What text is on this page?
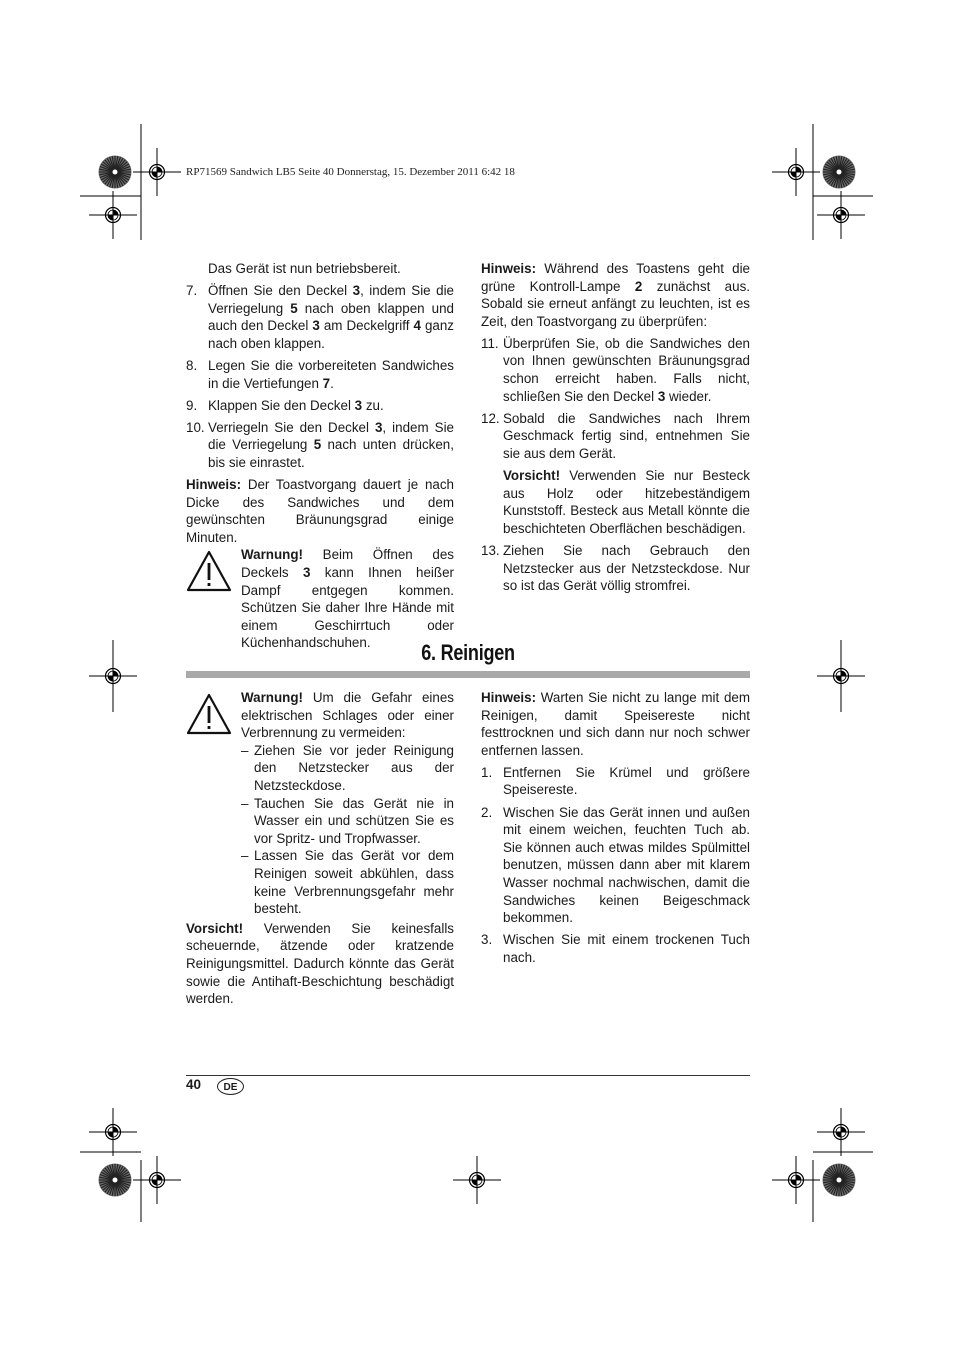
RP71569 Sandwich LB5 Seite 40 Donnerstag, 15. Dezember 2011 6:42 18

Das Gerät ist nun betriebsbereit.

7. Öffnen Sie den Deckel 3, indem Sie die Verriegelung 5 nach oben klappen und auch den Deckel 3 am Deckelgriff 4 ganz nach oben klappen.
8. Legen Sie die vorbereiteten Sandwiches in die Vertiefungen 7.
9. Klappen Sie den Deckel 3 zu.
10. Verriegeln Sie den Deckel 3, indem Sie die Verriegelung 5 nach unten drücken, bis sie einrastet.

Hinweis: Der Toastvorgang dauert je nach Dicke des Sandwiches und dem gewünschten Bräunungsgrad einige Minuten.

Warnung! Beim Öffnen des Deckels 3 kann Ihnen heißer Dampf entgegen kommen. Schützen Sie daher Ihre Hände mit einem Geschirrtuch oder Küchenhandschuhen.

Hinweis: Während des Toastens geht die grüne Kontroll-Lampe 2 zunächst aus. Sobald sie erneut anfängt zu leuchten, ist es Zeit, den Toastvorgang zu überprüfen:

11. Überprüfen Sie, ob die Sandwiches den von Ihnen gewünschten Bräunungsgrad schon erreicht haben. Falls nicht, schließen Sie den Deckel 3 wieder.
12. Sobald die Sandwiches nach Ihrem Geschmack fertig sind, entnehmen Sie sie aus dem Gerät.

Vorsicht! Verwenden Sie nur Besteck aus Holz oder hitzebeständigem Kunststoff. Besteck aus Metall könnte die beschichteten Oberflächen beschädigen.

13. Ziehen Sie nach Gebrauch den Netzstecker aus der Netzsteckdose. Nur so ist das Gerät völlig stromfrei.
6. Reinigen

Warnung! Um die Gefahr eines elektrischen Schlages oder einer Verbrennung zu vermeiden:

– Ziehen Sie vor jeder Reinigung den Netzstecker aus der Netzsteckdose.
– Tauchen Sie das Gerät nie in Wasser ein und schützen Sie es vor Spritz- und Tropfwasser.
– Lassen Sie das Gerät vor dem Reinigen soweit abkühlen, dass keine Verbrennungsgefahr mehr besteht.

Vorsicht! Verwenden Sie keinesfalls scheuernde, ätzende oder kratzende Reinigungsmittel. Dadurch könnte das Gerät sowie die Antihaft-Beschichtung beschädigt werden.

Hinweis: Warten Sie nicht zu lange mit dem Reinigen, damit Speisereste nicht festtrocknen und sich dann nur noch schwer entfernen lassen.

1. Entfernen Sie Krümel und größere Speisereste.
2. Wischen Sie das Gerät innen und außen mit einem weichen, feuchten Tuch ab. Sie können auch etwas mildes Spülmittel benutzen, müssen dann aber mit klarem Wasser nochmal nachwischen, damit die Sandwiches keinen Beigeschmack bekommen.
3. Wischen Sie mit einem trockenen Tuch nach.
40	DE
